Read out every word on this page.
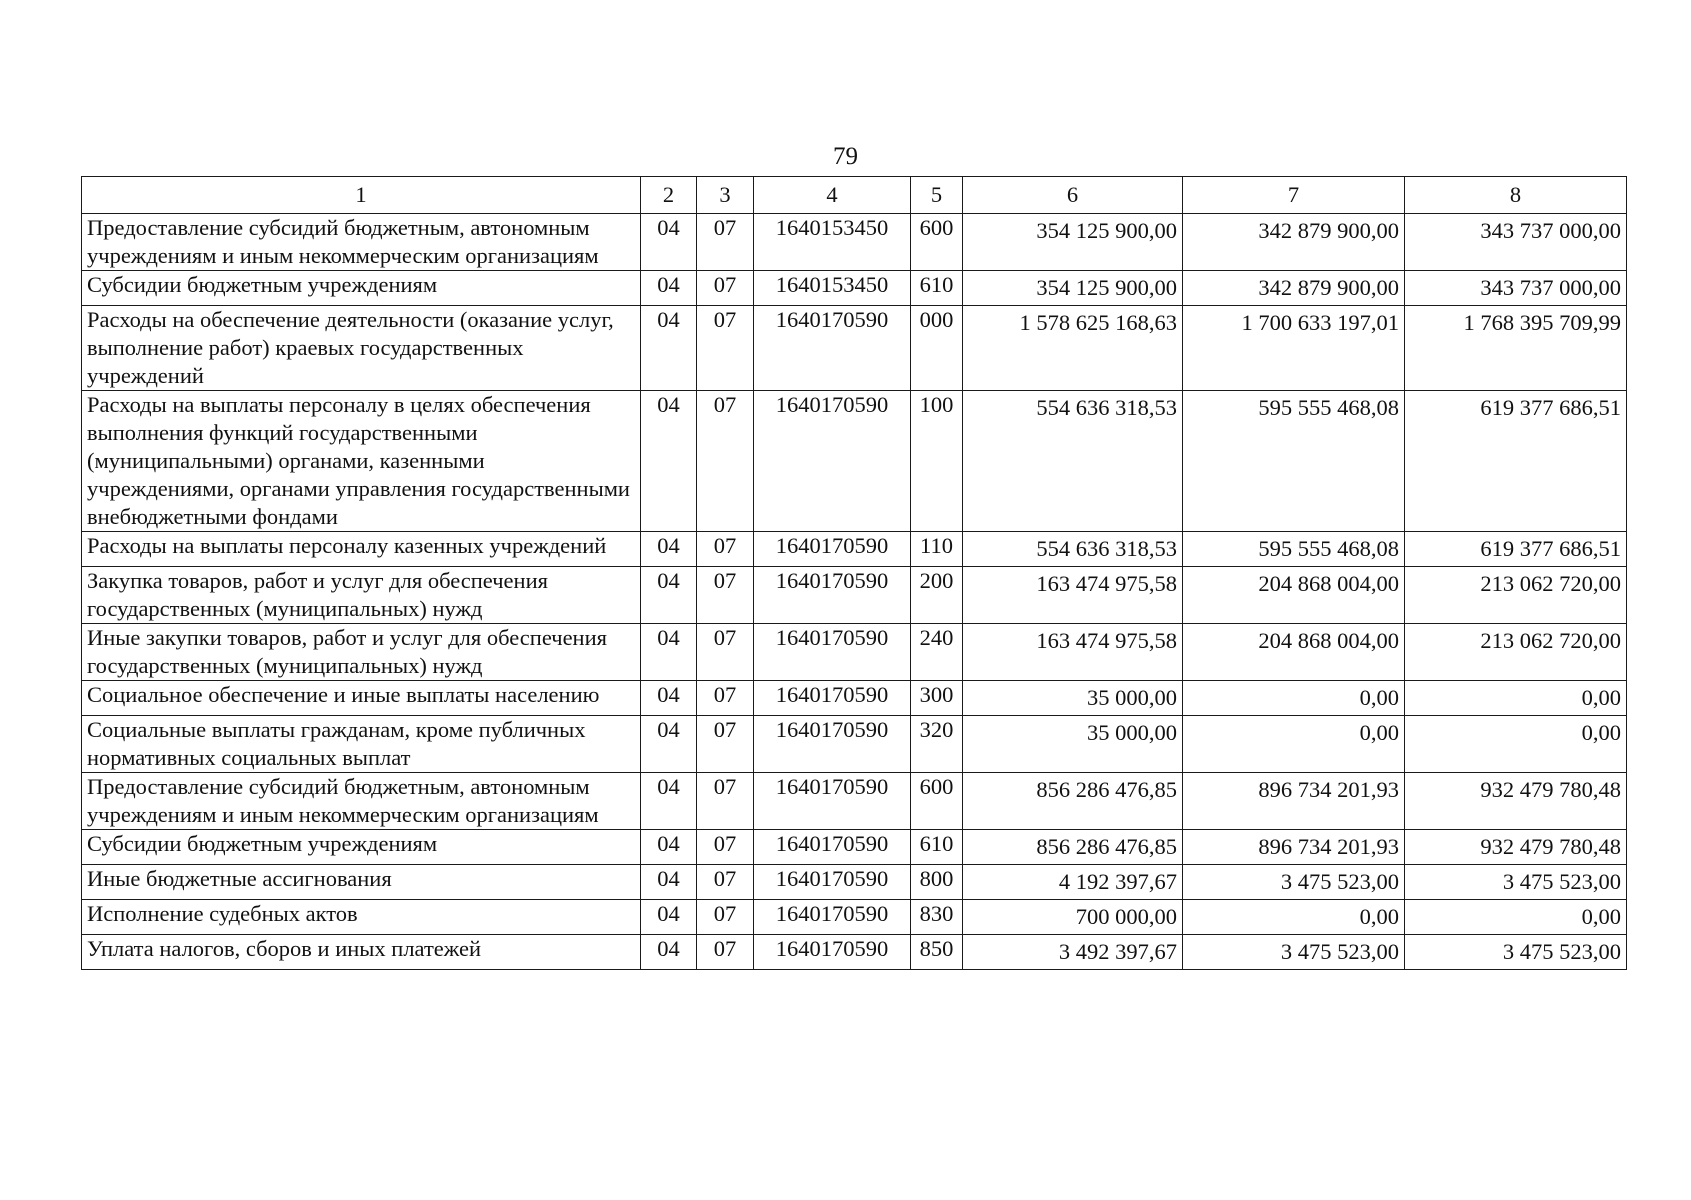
79
1	2	3	4	5	6	7	8
Предоставление субсидий бюджетным, автономным учреждениям и иным некоммерческим организациям	04	07	1640153450	600	354 125 900,00	342 879 900,00	343 737 000,00

Субсидии бюджетным учреждениям	04	07	1640153450	610	354 125 900,00	342 879 900,00	343 737 000,00

Расходы на обеспечение деятельности (оказание услуг, выполнение работ) краевых государственных учреждений	04	07	1640170590	000	1 578 625 168,63	1 700 633 197,01	1 768 395 709,99

Расходы на выплаты персоналу в целях обеспечения выполнения функций государственными (муниципальными) органами, казенными учреждениями, органами управления государственными внебюджетными фондами	04	07	1640170590	100	554 636 318,53	595 555 468,08	619 377 686,51

Расходы на выплаты персоналу казенных учреждений	04	07	1640170590	110	554 636 318,53	595 555 468,08	619 377 686,51

Закупка товаров, работ и услуг для обеспечения государственных (муниципальных) нужд	04	07	1640170590	200	163 474 975,58	204 868 004,00	213 062 720,00

Иные закупки товаров, работ и услуг для обеспечения государственных (муниципальных) нужд	04	07	1640170590	240	163 474 975,58	204 868 004,00	213 062 720,00

Социальное обеспечение и иные выплаты населению	04	07	1640170590	300	35 000,00	0,00	0,00

Социальные выплаты гражданам, кроме публичных нормативных социальных выплат	04	07	1640170590	320	35 000,00	0,00	0,00

Предоставление субсидий бюджетным, автономным учреждениям и иным некоммерческим организациям	04	07	1640170590	600	856 286 476,85	896 734 201,93	932 479 780,48

Субсидии бюджетным учреждениям	04	07	1640170590	610	856 286 476,85	896 734 201,93	932 479 780,48

Иные бюджетные ассигнования	04	07	1640170590	800	4 192 397,67	3 475 523,00	3 475 523,00

Исполнение судебных актов	04	07	1640170590	830	700 000,00	0,00	0,00

Уплата налогов, сборов и иных платежей	04	07	1640170590	850	3 492 397,67	3 475 523,00	3 475 523,00
